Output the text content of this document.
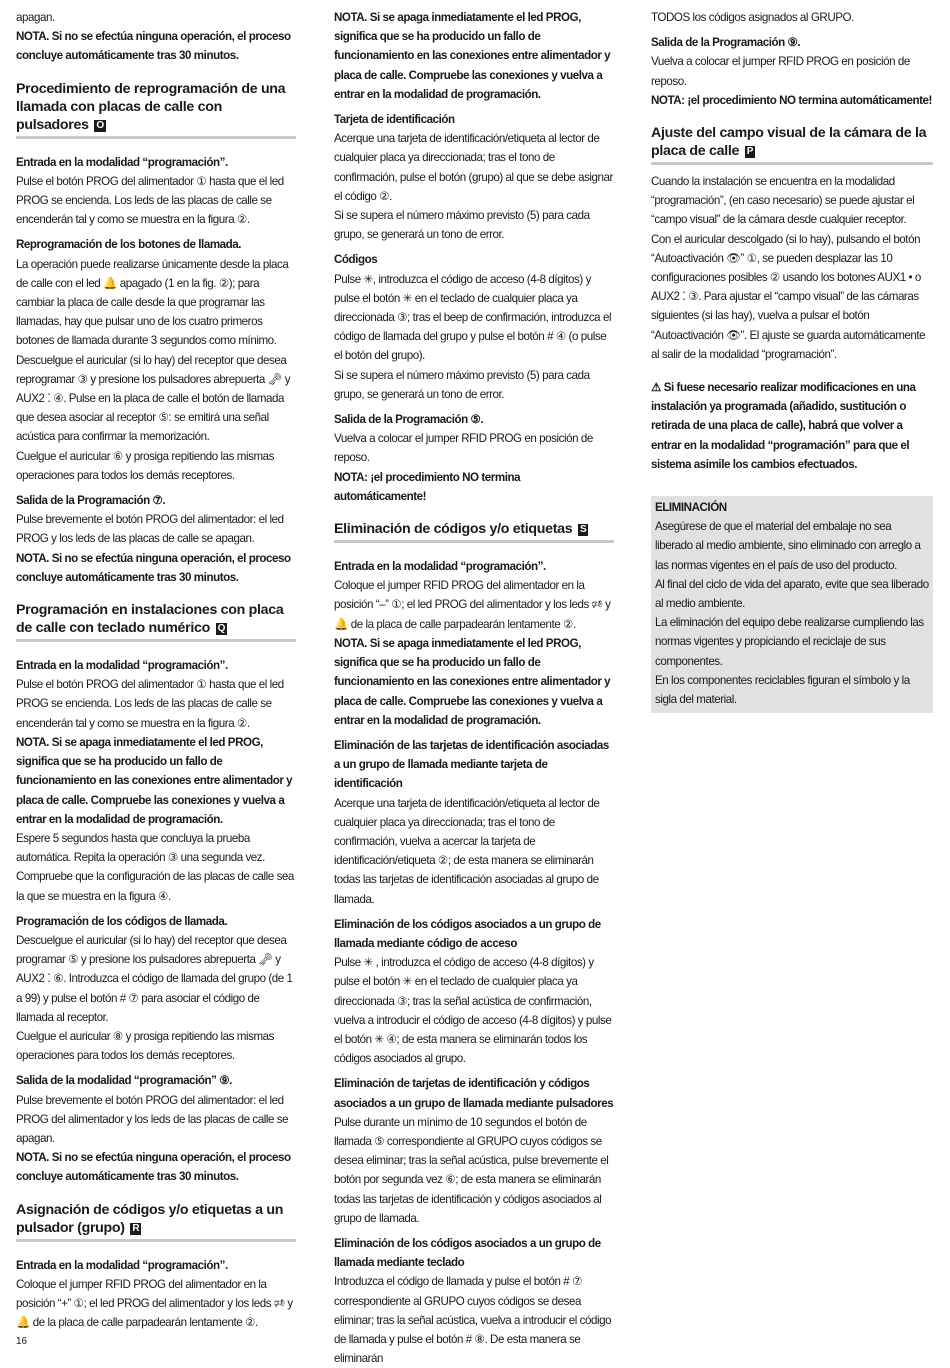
apagan.

NOTA. Si no se efectúa ninguna operación, el proceso concluye automáticamente tras 30 minutos.

Procedimiento de reprogramación de una llamada con placas de calle con pulsadores O

Entrada en la modalidad “programación”.

Pulse el botón PROG del alimentador ① hasta que el led PROG se encienda. Los leds de las placas de calle se encenderán tal y como se muestra en la figura ②.

Reprogramación de los botones de llamada.

La operación puede realizarse únicamente desde la placa de calle con el led 🔔 apagado (1 en la fig. ②); para cambiar la placa de calle desde la que programar las llamadas, hay que pulsar uno de los cuatro primeros botones de llamada durante 3 segundos como mínimo.

Descuelgue el auricular (si lo hay) del receptor que desea reprogramar ③ y presione los pulsadores abrepuerta 🗝 y AUX2 ⁚ ④. Pulse en la placa de calle el botón de llamada que desea asociar al receptor ⑤: se emitirá una señal acústica para confirmar la memorización.

Cuelgue el auricular ⑥ y prosiga repitiendo las mismas operaciones para todos los demás receptores.

Salida de la Programación ⑦.

Pulse brevemente el botón PROG del alimentador: el led PROG y los leds de las placas de calle se apagan.

NOTA. Si no se efectúa ninguna operación, el proceso concluye automáticamente tras 30 minutos.

Programación en instalaciones con placa de calle con teclado numérico Q

Entrada en la modalidad “programación”.

Pulse el botón PROG del alimentador ① hasta que el led PROG se encienda. Los leds de las placas de calle se encenderán tal y como se muestra en la figura ②.

NOTA. Si se apaga inmediatamente el led PROG, significa que se ha producido un fallo de funcionamiento en las conexiones entre alimentador y placa de calle. Compruebe las conexiones y vuelva a entrar en la modalidad de programación.

Espere 5 segundos hasta que concluya la prueba automática. Repita la operación ③ una segunda vez. Compruebe que la configuración de las placas de calle sea la que se muestra en la figura ④.

Programación de los códigos de llamada.

Descuelgue el auricular (si lo hay) del receptor que desea programar ⑤ y presione los pulsadores abrepuerta 🗝 y AUX2 ⁚ ⑥. Introduzca el código de llamada del grupo (de 1 a 99) y pulse el botón # ⑦ para asociar el código de llamada al receptor.

Cuelgue el auricular ⑧ y prosiga repitiendo las mismas operaciones para todos los demás receptores.

Salida de la modalidad “programación” ⑨.

Pulse brevemente el botón PROG del alimentador: el led PROG del alimentador y los leds de las placas de calle se apagan.

NOTA. Si no se efectúa ninguna operación, el proceso concluye automáticamente tras 30 minutos.

Asignación de códigos y/o etiquetas a un pulsador (grupo) R

Entrada en la modalidad “programación”.

Coloque el jumper RFID PROG del alimentador en la posición “+” ①; el led PROG del alimentador y los leds 🕫 y 🔔 de la placa de calle parpadearán lentamente ②.

NOTA. Si se apaga inmediatamente el led PROG, significa que se ha producido un fallo de funcionamiento en las conexiones entre alimentador y placa de calle. Compruebe las conexiones y vuelva a entrar en la modalidad de programación.

Tarjeta de identificación

Acerque una tarjeta de identificación/etiqueta al lector de cualquier placa ya direccionada; tras el tono de confirmación, pulse el botón (grupo) al que se debe asignar el código ②.

Si se supera el número máximo previsto (5) para cada grupo, se generará un tono de error.

Códigos

Pulse ✳, introduzca el código de acceso (4-8 dígitos) y pulse el botón ✳ en el teclado de cualquier placa ya direccionada ③; tras el beep de confirmación, introduzca el código de llamada del grupo y pulse el botón # ④ (o pulse el botón del grupo).

Si se supera el número máximo previsto (5) para cada grupo, se generará un tono de error.

Salida de la Programación ⑤.

Vuelva a colocar el jumper RFID PROG en posición de reposo.

NOTA: ¡el procedimiento NO termina automáticamente!

Eliminación de códigos y/o etiquetas S

Entrada en la modalidad “programación”.

Coloque el jumper RFID PROG del alimentador en la posición “–” ①; el led PROG del alimentador y los leds 🕫 y 🔔 de la placa de calle parpadearán lentamente ②.

NOTA. Si se apaga inmediatamente el led PROG, significa que se ha producido un fallo de funcionamiento en las conexiones entre alimentador y placa de calle. Compruebe las conexiones y vuelva a entrar en la modalidad de programación.

Eliminación de las tarjetas de identificación asociadas a un grupo de llamada mediante tarjeta de identificación

Acerque una tarjeta de identificación/etiqueta al lector de cualquier placa ya direccionada; tras el tono de confirmación, vuelva a acercar la tarjeta de identificación/etiqueta ②; de esta manera se eliminarán todas las tarjetas de identificación asociadas al grupo de llamada.

Eliminación de los códigos asociados a un grupo de llamada mediante código de acceso

Pulse ✳ , introduzca el código de acceso (4-8 dígitos) y pulse el botón ✳ en el teclado de cualquier placa ya direccionada ③; tras la señal acústica de confirmación, vuelva a introducir el código de acceso (4-8 dígitos) y pulse el botón ✳ ④; de esta manera se eliminarán todos los códigos asociados al grupo.

Eliminación de tarjetas de identificación y códigos asociados a un grupo de llamada mediante pulsadores

Pulse durante un mínimo de 10 segundos el botón de llamada ⑤ correspondiente al GRUPO cuyos códigos se desea eliminar; tras la señal acústica, pulse brevemente el botón por segunda vez ⑥; de esta manera se eliminarán todas las tarjetas de identificación y códigos asociados al grupo de llamada.

Eliminación de los códigos asociados a un grupo de llamada mediante teclado

Introduzca el código de llamada y pulse el botón # ⑦ correspondiente al GRUPO cuyos códigos se desea eliminar; tras la señal acústica, vuelva a introducir el código de llamada y pulse el botón # ⑧. De esta manera se eliminarán

TODOS los códigos asignados al GRUPO.

Salida de la Programación ⑨.

Vuelva a colocar el jumper RFID PROG en posición de reposo.

NOTA: ¡el procedimiento NO termina automáticamente!

Ajuste del campo visual de la cámara de la placa de calle P

Cuando la instalación se encuentra en la modalidad “programación”, (en caso necesario) se puede ajustar el “campo visual” de la cámara desde cualquier receptor.

Con el auricular descolgado (si lo hay), pulsando el botón “Autoactivación 👁” ①, se pueden desplazar las 10 configuraciones posibles ② usando los botones AUX1 • o AUX2 ⁚ ③. Para ajustar el “campo visual” de las cámaras siguientes (si las hay), vuelva a pulsar el botón “Autoactivación 👁”. El ajuste se guarda automáticamente al salir de la modalidad “programación”.

⚠ Si fuese necesario realizar modificaciones en una instalación ya programada (añadido, sustitución o retirada de una placa de calle), habrá que volver a entrar en la modalidad “programación” para que el sistema asimile los cambios efectuados.

ELIMINACIÓN

Asegúrese de que el material del embalaje no sea liberado al medio ambiente, sino eliminado con arreglo a las normas vigentes en el país de uso del producto.

Al final del ciclo de vida del aparato, evite que sea liberado al medio ambiente.

La eliminación del equipo debe realizarse cumpliendo las normas vigentes y propiciando el reciclaje de sus componentes.

En los componentes reciclables figuran el símbolo y la sigla del material.

16
